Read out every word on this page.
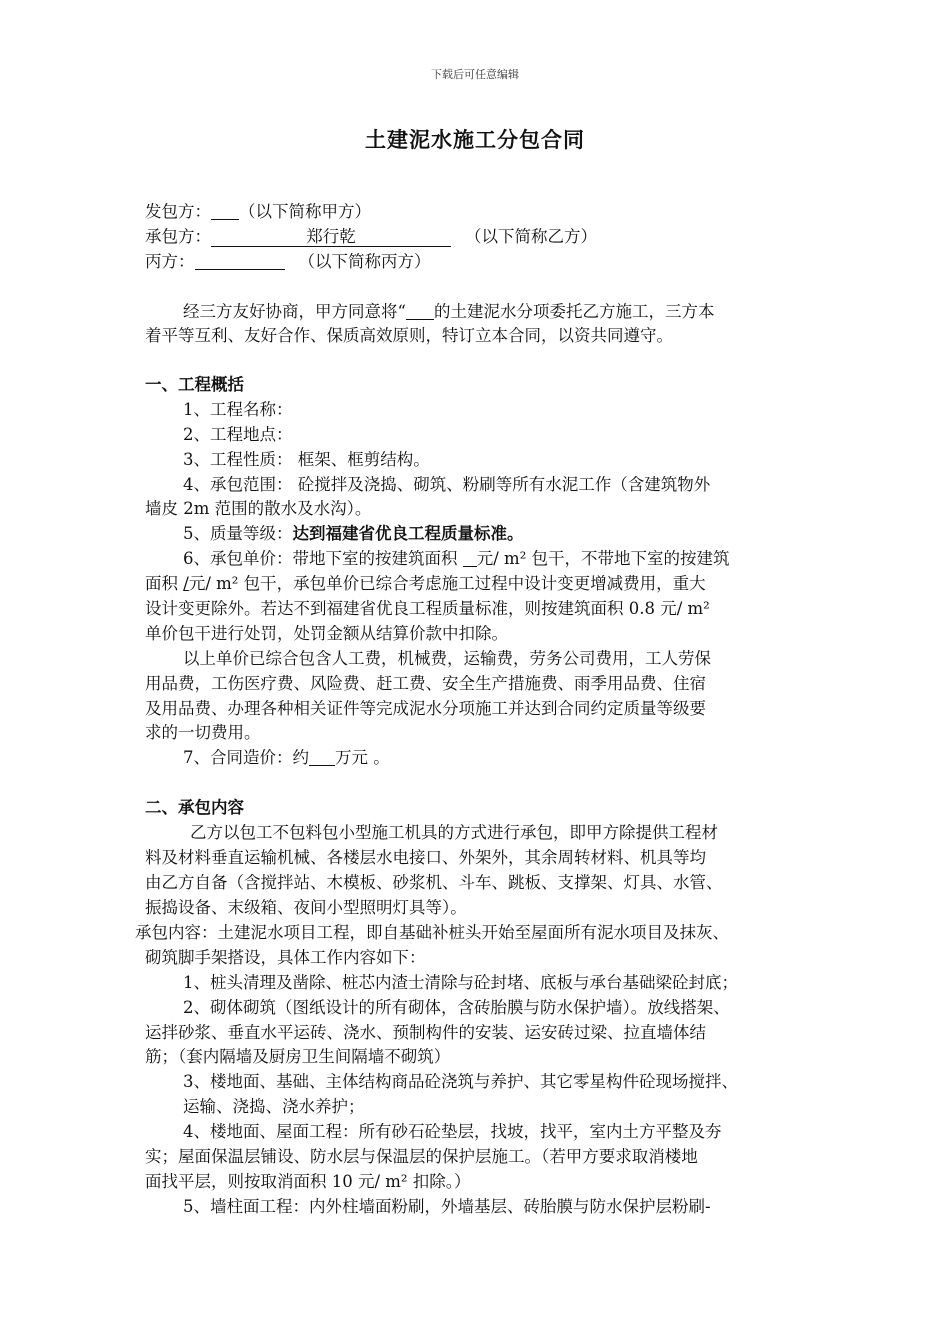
下载后可任意编辑
土建泥水施工分包合同
发包方： （以下简称甲方）
承包方：	郑行乾	（以下简称乙方）
丙方：	（以下简称丙方）
经三方友好协商，甲方同意将“ 的土建泥水分项委托乙方施工，三方本
着平等互利、友好合作、保质高效原则，特订立本合同，以资共同遵守。
一、工程概括
1、工程名称：
2、工程地点：
3、工程性质： 框架、框剪结构。
4、承包范围： 砼搅拌及浇捣、砌筑、粉刷等所有水泥工作（含建筑物外
墙皮 2m 范围的散水及水沟）。
5、质量等级：达到福建省优良工程质量标准。
6、承包单价：带地下室的按建筑面积 元/ m² 包干，不带地下室的按建筑
面积 /元/ m² 包干，承包单价已综合考虑施工过程中设计变更增减费用，重大
设计变更除外。若达不到福建省优良工程质量标准，则按建筑面积 0.8 元/ m²
单价包干进行处罚，处罚金额从结算价款中扣除。
以上单价已综合包含人工费，机械费，运输费，劳务公司费用，工人劳保
用品费，工伤医疗费、风险费、赶工费、安全生产措施费、雨季用品费、住宿
及用品费、办理各种相关证件等完成泥水分项施工并达到合同约定质量等级要
求的一切费用。
7、合同造价：约 万元 。
二、承包内容
乙方以包工不包料包小型施工机具的方式进行承包，即甲方除提供工程材
料及材料垂直运输机械、各楼层水电接口、外架外，其余周转材料、机具等均
由乙方自备（含搅拌站、木模板、砂浆机、斗车、跳板、支撑架、灯具、水管、
振捣设备、末级箱、夜间小型照明灯具等）。
承包内容：土建泥水项目工程，即自基础补桩头开始至屋面所有泥水项目及抹灰、
砌筑脚手架搭设，具体工作内容如下：
1、桩头清理及凿除、桩芯内渣士清除与砼封堵、底板与承台基础梁砼封底；
2、砌体砌筑（图纸设计的所有砌体，含砖胎膜与防水保护墙）。放线搭架、
运拌砂浆、垂直水平运砖、浇水、预制构件的安装、运安砖过梁、拉直墙体结
筋；（套内隔墙及厨房卫生间隔墙不砌筑）
3、楼地面、基础、主体结构商品砼浇筑与养护、其它零星构件砼现场搅拌、
运输、浇捣、浇水养护；
4、楼地面、屋面工程：所有砂石砼垫层，找坡，找平，室内土方平整及夯
实；屋面保温层铺设、防水层与保温层的保护层施工。（若甲方要求取消楼地
面找平层，则按取消面积 10 元/ m² 扣除。）
5、墙柱面工程：内外柱墙面粉刷，外墙基层、砖胎膜与防水保护层粉刷-
